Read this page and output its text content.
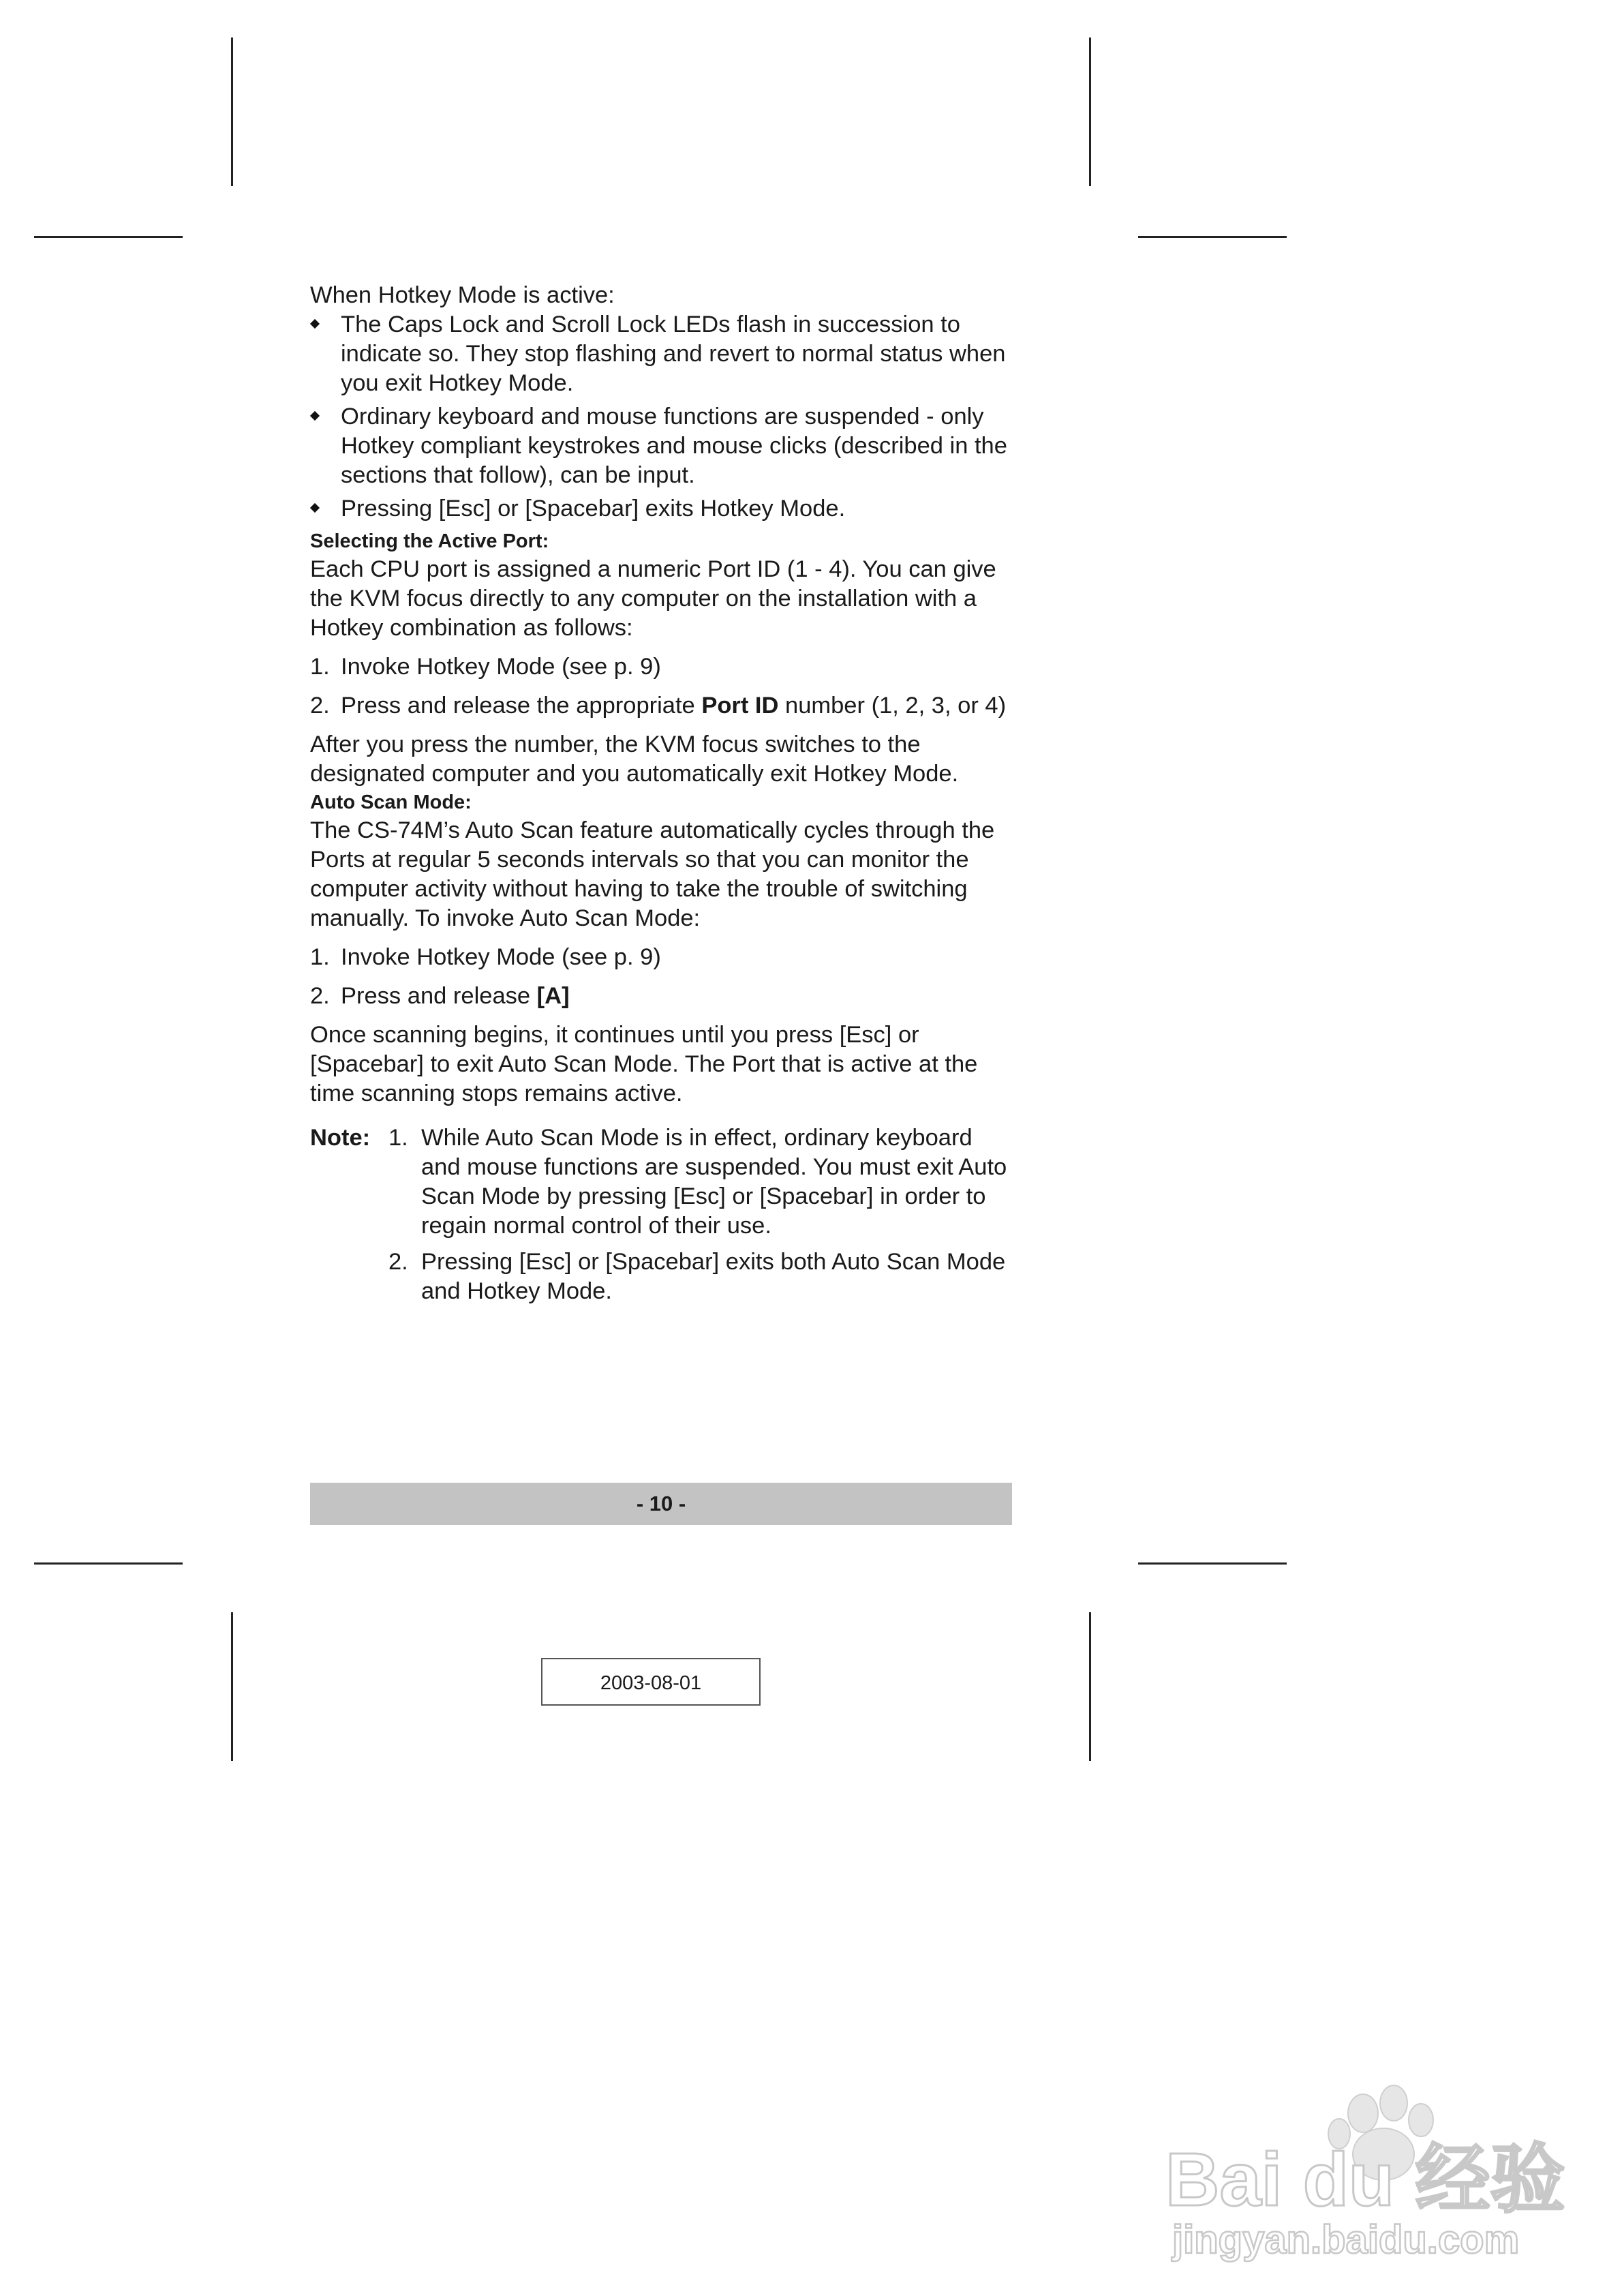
When Hotkey Mode is active:

The Caps Lock and Scroll Lock LEDs flash in succession to indicate so. They stop flashing and revert to normal status when you exit Hotkey Mode.
Ordinary keyboard and mouse functions are suspended - only Hotkey compliant keystrokes and mouse clicks (described in the sections that follow), can be input.
Pressing [Esc] or [Spacebar] exits Hotkey Mode.
Selecting the Active Port:

Each CPU port is assigned a numeric Port ID (1 - 4). You can give the KVM focus directly to any computer on the installation with a Hotkey combination as follows:

1. Invoke Hotkey Mode (see p. 9)
2. Press and release the appropriate Port ID number (1, 2, 3, or 4)

After you press the number, the KVM focus switches to the designated computer and you automatically exit Hotkey Mode.

Auto Scan Mode:

The CS-74M’s Auto Scan feature automatically cycles through the Ports at regular 5 seconds intervals so that you can monitor the computer activity without having to take the trouble of switching manually. To invoke Auto Scan Mode:

1. Invoke Hotkey Mode (see p. 9)
2. Press and release [A]

Once scanning begins, it continues until you press [Esc] or [Spacebar] to exit Auto Scan Mode. The Port that is active at the time scanning stops remains active.

Note: 1. While Auto Scan Mode is in effect, ordinary keyboard and mouse functions are suspended. You must exit Auto Scan Mode by pressing [Esc] or [Spacebar] in order to regain normal control of their use.
2. Pressing [Esc] or [Spacebar] exits both Auto Scan Mode and Hotkey Mode.
- 10 -
2003-08-01
Bai du 经验
jingyan.baidu.com
